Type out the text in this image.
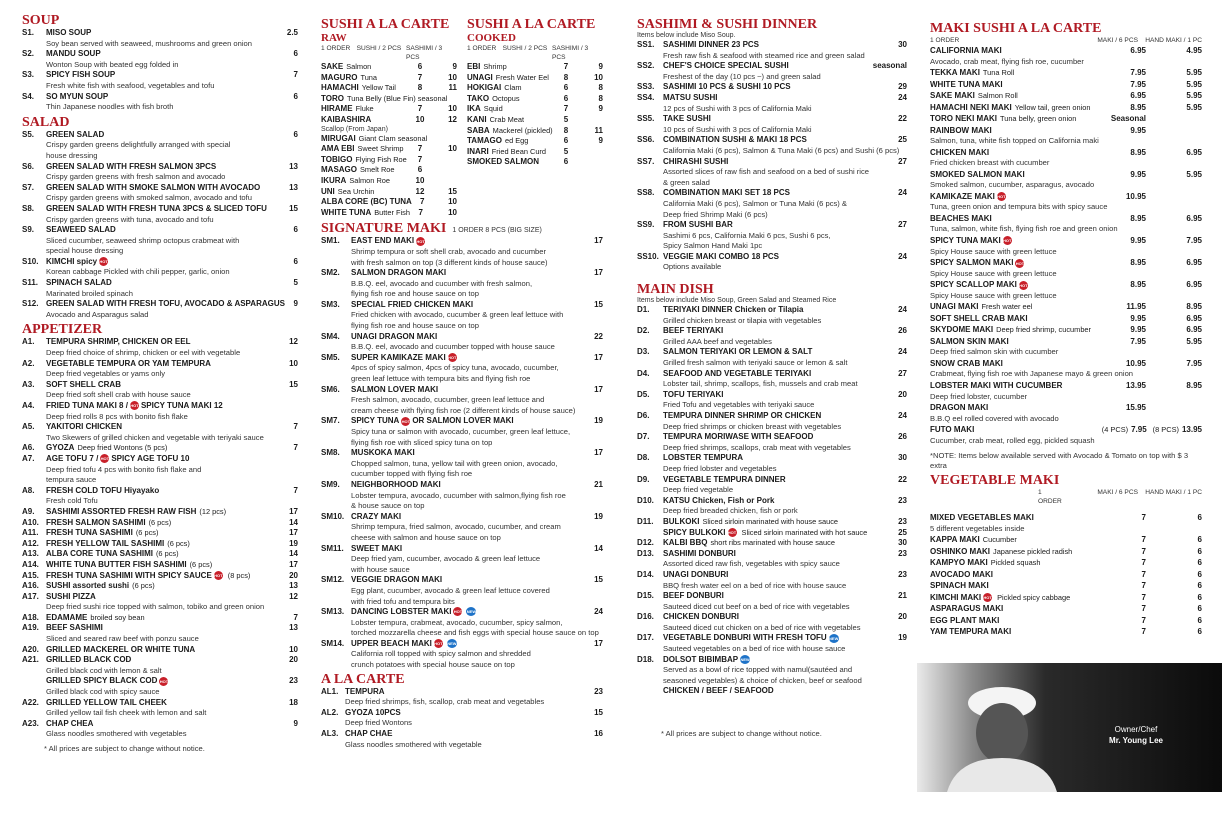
SOUP
S1.	MISO SOUP	2.5
Soy bean served with seaweed, mushrooms and green onion
S2.	MANDU SOUP	6
Wonton Soup with beated egg folded in
S3.	SPICY FISH SOUP	7
Fresh white fish with seafood, vegetables and tofu
S4.	SO MYUN SOUP	6
Thin Japanese noodles with fish broth
SALAD
S5.	GREEN SALAD	6
Crispy garden greens delightfully arranged with special
house dressing
S6.	GREEN SALAD WITH FRESH SALMON 3PCS	13
Crispy garden greens with fresh salmon and avocado
S7.	GREEN SALAD WITH SMOKE SALMON WITH AVOCADO	13
Crispy garden greens with smoked salmon, avocado and tofu
S8.	GREEN SALAD WITH FRESH TUNA 3PCS & SLICED TOFU	15
Crispy garden greens with tuna, avocado and tofu
S9.	SEAWEED SALAD	6
Sliced cucumber, seaweed shrimp octopus crabmeat with
special house dressing
S10. KIMCHI spicy HOT	6
Korean cabbage Pickled with chili pepper, garlic, onion
S11. SPINACH SALAD	5
Marinated broiled spinach
S12. GREEN SALAD WITH FRESH TOFU, AVOCADO & ASPARAGUS	9
Avocado and Asparagus salad
APPETIZER
A1.	TEMPURA SHRIMP, CHICKEN OR EEL	12
Deep fried choice of shrimp, chicken or eel with vegetable
A2.	VEGETABLE TEMPURA OR YAM TEMPURA	10
Deep fried vegetables or yams only
A3.	SOFT SHELL CRAB	15
Deep fried soft shell crab with house sauce
A4.	FRIED TUNA MAKI 8 / HOT SPICY TUNA MAKI 12
Deep fried rolls 8 pcs with bonito fish flake
A5.	YAKITORI CHICKEN	7
Two Skewers of grilled chicken and vegetable with teriyaki sauce
A6.	GYOZA Deep fried Wontons (5 pcs)	7
A7.	AGE TOFU 7 / HOT SPICY AGE TOFU 10
Deep fried tofu 4 pcs with bonito fish flake and
tempura sauce
A8.	FRESH COLD TOFU Hiyayako	7
Fresh cold Tofu
A9.	SASHIMI ASSORTED FRESH RAW FISH (12 pcs)	17
A10. FRESH SALMON SASHIMI (6 pcs)	14
A11. FRESH TUNA SASHIMI (6 pcs)	17
A12. FRESH YELLOW TAIL SASHIMI (6 pcs)	19
A13. ALBA CORE TUNA SASHIMI (6 pcs)	14
A14. WHITE TUNA BUTTER FISH SASHIMI (6 pcs)	17
A15. FRESH TUNA SASHIMI WITH SPICY SAUCE HOT (8 pcs)	20
A16. SUSHI assorted sushi (6 pcs)	13
A17. SUSHI PIZZA	12
Deep fried sushi rice topped with salmon, tobiko and green onion
A18. EDAMAME broiled soy bean	7
A19. BEEF SASHIMI	13
Sliced and seared raw beef with ponzu sauce
A20. GRILLED MACKEREL OR WHITE TUNA	10
A21. GRILLED BLACK COD	20
Grilled black cod with lemon & salt
GRILLED SPICY BLACK COD HOT	23
Grilled black cod with spicy sauce
A22. GRILLED YELLOW TAIL CHEEK	18
Grilled yellow tail fish cheek with lemon and salt
A23. CHAP CHEA	9
Glass noodles smothered with vegetables
* All prices are subject to change without notice.
SUSHI A LA CARTE
RAW
1 ORDER SUSHI / 2 PCS SASHIMI / 3 PCS
SAKE Salmon	6	9
MAGURO Tuna	7	10
HAMACHI Yellow Tail	8	11
TORO Tuna Belly (Blue Fin) seasonal
HIRAME Fluke	7	10
KAIBASHIRA	10	12
Scallop (From Japan)
MIRUGAI Giant Clam seasonal
AMA EBI Sweet Shrimp	7	10
TOBIGO Flying Fish Roe	7
MASAGO Smelt Roe	6
IKURA Salmon Roe	10
UNI Sea Urchin	12	15
ALBA CORE (BC) TUNA	7	10
WHITE TUNA Butter Fish	7	10
SUSHI A LA CARTE
COOKED
1 ORDER SUSHI / 2 PCS SASHIMI / 3 PCS
EBI Shrimp	7	9
UNAGI Fresh Water Eel	8	10
HOKIGAI Clam	6	8
TAKO Octopus	6	8
IKA Squid	7	9
KANI Crab Meat	5
SABA Mackerel (pickled)	8	11
TAMAGO ed Egg	6	9
INARI Fried Bean Curd	5
SMOKED SALMON	6
SIGNATURE MAKI 1 ORDER 8 PCS (BIG SIZE)
SM1.	EAST END MAKI HOT	17
Shrimp tempura or soft shell crab, avocado and cucumber
with fresh salmon on top (3 different kinds of house sauce)
SM2.	SALMON DRAGON MAKI	17
B.B.Q. eel, avocado and cucumber with fresh salmon,
flying fish roe and house sauce on top
SM3.	SPECIAL FRIED CHICKEN MAKI	15
Fried chicken with avocado, cucumber & green leaf lettuce with
flying fish roe and house sauce on top
SM4.	UNAGI DRAGON MAKI	22
B.B.Q. eel, avocado and cucumber topped with house sauce
SM5.	SUPER KAMIKAZE MAKI HOT	17
4pcs of spicy salmon, 4pcs of spicy tuna, avocado, cucumber,
green leaf lettuce with tempura bits and flying fish roe
SM6.	SALMON LOVER MAKI	17
Fresh salmon, avocado, cucumber, green leaf lettuce and
cream cheese with flying fish roe (2 different kinds of house sauce)
SM7.	SPICY TUNA HOT OR SALMON LOVER MAKI	19
Spicy tuna or salmon with avocado, cucumber, green leaf lettuce,
flying fish roe with sliced spicy tuna on top
SM8.	MUSKOKA MAKI	17
Chopped salmon, tuna, yellow tail with green onion, avocado,
cucumber topped with flying fish roe
SM9.	NEIGHBORHOOD MAKI	21
Lobster tempura, avocado, cucumber with salmon,flying fish roe
& house sauce on top
SM10. CRAZY MAKI	19
Shrimp tempura, fried salmon, avocado, cucumber, and cream
cheese with salmon and house sauce on top
SM11. SWEET MAKI	14
Deep fried yam, cucumber, avocado & green leaf lettuce
with house sauce
SM12. VEGGIE DRAGON MAKI	15
Egg plant, cucumber, avocado & green leaf lettuce covered
with fried tofu and tempura bits
SM13. DANCING LOBSTER MAKI HOT NEW	24
Lobster tempura, crabmeat, avocado, cucumber, spicy salmon,
torched mozzarella cheese and fish eggs with special house sauce on top
SM14. UPPER BEACH MAKI HOT NEW	17
California roll topped with spicy salmon and shredded
crunch potatoes with special house sauce on top
A LA CARTE
AL1. TEMPURA	23
Deep fried shrimps, fish, scallop, crab meat and vegetables
AL2. GYOZA 10PCS	15
Deep fried Wontons
AL3. CHAP CHAE	16
Glass noodles smothered with vegetable
SASHIMI & SUSHI DINNER
Items below include Miso Soup.
SS1.	SASHIMI DINNER 23 PCS	30
Fresh raw fish & seafood with steamed rice and green salad
SS2.	CHEF'S CHOICE SPECIAL SUSHI	seasonal
Freshest of the day (10 pcs ~) and green salad
SS3.	SASHIMI 10 PCS & SUSHI 10 PCS	29
SS4.	MATSU SUSHI	24
12 pcs of Sushi with 3 pcs of California Maki
SS5.	TAKE SUSHI	22
10 pcs of Sushi with 3 pcs of California Maki
SS6.	COMBINATION SUSHI & MAKI 18 PCS	25
California Maki (6 pcs), Salmon & Tuna Maki (6 pcs) and Sushi (6 pcs)
SS7.	CHIRASHI SUSHI	27
Assorted slices of raw fish and seafood on a bed of sushi rice
& green salad
SS8.	COMBINATION MAKI SET 18 PCS	24
California Maki (6 pcs), Salmon or Tuna Maki (6 pcs) &
Deep fried Shrimp Maki (6 pcs)
SS9.	FROM SUSHI BAR	27
Sashimi 6 pcs, California Maki 6 pcs, Sushi 6 pcs,
Spicy Salmon Hand Maki 1pc
SS10. VEGGIE MAKI COMBO 18 PCS	24
Options available
MAIN DISH
Items below include Miso Soup, Green Salad and Steamed Rice
D1.	TERIYAKI DINNER Chicken or Tilapia	24
Grilled chicken breast or tilapia with vegetables
D2.	BEEF TERIYAKI	26
Grilled AAA beef and vegetables
D3.	SALMON TERIYAKI OR LEMON & SALT	24
Grilled fresh salmon with teriyaki sauce or lemon & salt
D4.	SEAFOOD AND VEGETABLE TERIYAKI	27
Lobster tail, shrimp, scallops, fish, mussels and crab meat
D5.	TOFU TERIYAKI	20
Fried Tofu and vegetables with teriyaki sauce
D6.	TEMPURA DINNER SHRIMP OR CHICKEN	24
Deep fried shrimps or chicken breast with vegetables
D7.	TEMPURA MORIWASE WITH SEAFOOD	26
Deep fried shrimps, scallops, crab meat with vegetables
D8.	LOBSTER TEMPURA	30
Deep fried lobster and vegetables
D9.	VEGETABLE TEMPURA DINNER	22
Deep fried vegetable
D10.	KATSU Chicken, Fish or Pork	23
Deep fried breaded chicken, fish or pork
D11.	BULKOKI Sliced sirloin marinated with house sauce	23
SPICY BULKOKI HOT Sliced sirloin marinated with hot sauce	25
D12.	KALBI BBQ short ribs marinated with house sauce	30
D13.	SASHIMI DONBURI	23
Assorted diced raw fish, vegetables with spicy sauce
D14.	UNAGI DONBURI	23
BBQ fresh water eel on a bed of rice with house sauce
D15.	BEEF DONBURI	21
Sauteed diced cut beef on a bed of rice with vegetables
D16.	CHICKEN DONBURI	20
Sauteed diced cut chicken on a bed of rice with vegetables
D17.	VEGETABLE DONBURI WITH FRESH TOFU NEW	19
Sauteed vegetables on a bed of rice with house sauce
D18.	DOLSOT BIBIMBAP NEW
Served as a bowl of rice topped with namul(sautéed and
seasoned vegetables) & choice of chicken, beef or seafood
CHICKEN / BEEF / SEAFOOD
* All prices are subject to change without notice.
MAKI SUSHI A LA CARTE
1 ORDER	MAKI / 6 PCS	HAND MAKI / 1 PC
CALIFORNIA MAKI	6.95	4.95
Avocado, crab meat, flying fish roe, cucumber
TEKKA MAKI Tuna Roll	7.95	5.95
WHITE TUNA MAKI	7.95	5.95
SAKE MAKI Salmon Roll	6.95	5.95
HAMACHI NEKI MAKI Yellow tail, green onion	8.95	5.95
TORO NEKI MAKI Tuna belly, green onion	Seasonal
RAINBOW MAKI	9.95
Salmon, tuna, white fish topped on California maki
CHICKEN MAKI	8.95	6.95
Fried chicken breast with cucumber
SMOKED SALMON MAKI	9.95	5.95
Smoked salmon, cucumber, asparagus, avocado
KAMIKAZE MAKI HOT	10.95
Tuna, green onion and tempura bits with spicy sauce
BEACHES MAKI	8.95	6.95
Tuna, salmon, white fish, flying fish roe and green onion
SPICY TUNA MAKI HOT	9.95	7.95
Spicy House sauce with green lettuce
SPICY SALMON MAKI HOT	8.95	6.95
Spicy House sauce with green lettuce
SPICY SCALLOP MAKI HOT	8.95	6.95
Spicy House sauce with green lettuce
UNAGI MAKI Fresh water eel	11.95	8.95
SOFT SHELL CRAB MAKI	9.95	6.95
SKYDOME MAKI Deep fried shrimp, cucumber	9.95	6.95
SALMON SKIN MAKI	7.95	5.95
Deep fried salmon skin with cucumber
SNOW CRAB MAKI	10.95	7.95
Crabmeat, flying fish roe with Japanese mayo & green onion
LOBSTER MAKI WITH CUCUMBER	13.95	8.95
Deep fried lobster, cucumber
DRAGON MAKI	15.95
B.B.Q eel rolled covered with avocado
FUTO MAKI	(4 PCS) 7.95 (8 PCS) 13.95
Cucumber, crab meat, rolled egg, pickled squash
*NOTE: Items below available served with Avocado & Tomato on top with $ 3 extra
VEGETABLE MAKI
1 ORDER
MAKI / 6 PCS	HAND MAKI / 1 PC
MIXED VEGETABLES MAKI	7	6
5 different vegetables inside
KAPPA MAKI Cucumber	7	6
OSHINKO MAKI Japanese pickled radish	7	6
KAMPYO MAKI Pickled squash	7	6
AVOCADO MAKI	7	6
SPINACH MAKI	7	6
KIMCHI MAKI HOT Pickled spicy cabbage	7	6
ASPARAGUS MAKI	7	6
EGG PLANT MAKI	7	6
YAM TEMPURA MAKI	7	6
Owner/Chef
Mr. Young Lee
